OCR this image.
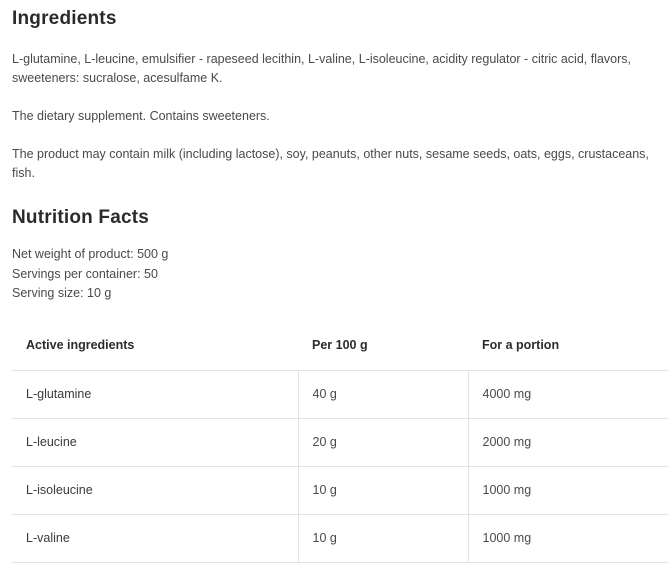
Ingredients

L-glutamine, L-leucine, emulsifier - rapeseed lecithin, L-valine, L-isoleucine, acidity regulator - citric acid, flavors, sweeteners: sucralose, acesulfame K.

The dietary supplement. Contains sweeteners.

The product may contain milk (including lactose), soy, peanuts, other nuts, sesame seeds, oats, eggs, crustaceans, fish.

Nutrition Facts
Net weight of product: 500 g
Servings per container: 50
Serving size: 10 g
Active ingredients	Per 100 g	For a portion
L-glutamine	40 g	4000 mg
L-leucine	20 g	2000 mg
L-isoleucine	10 g	1000 mg
L-valine	10 g	1000 mg
